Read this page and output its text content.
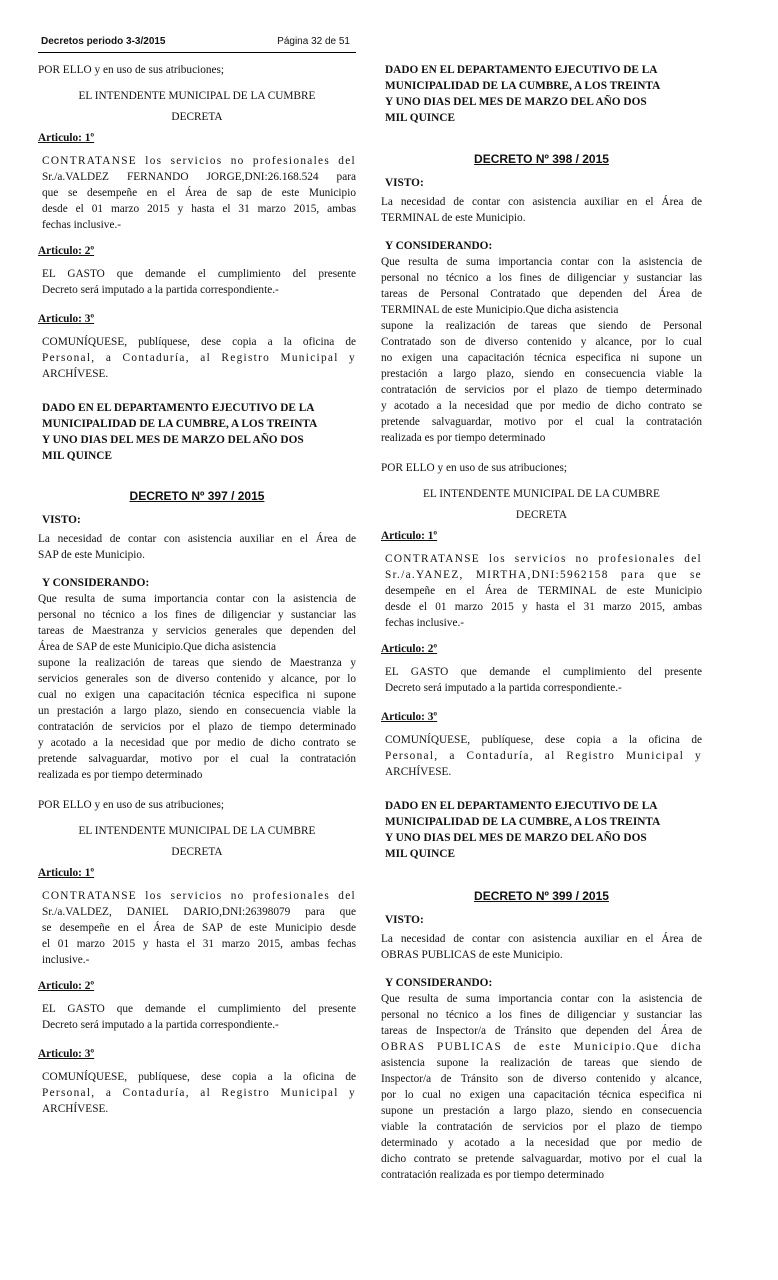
Decretos periodo 3-3/2015	Página 32 de 51
POR ELLO y en uso de sus atribuciones;
EL INTENDENTE MUNICIPAL DE LA CUMBRE
DECRETA
Articulo: 1º
CONTRATANSE los servicios no profesionales del
Sr./a.VALDEZ FERNANDO JORGE,DNI:26.168.524 para
que se desempeñe en el Área de sap de este Municipio
desde el 01 marzo 2015 y hasta el 31 marzo 2015, ambas
fechas inclusive.-
Articulo: 2º
EL GASTO que demande el cumplimiento del presente
Decreto será imputado a la partida correspondiente.-
Articulo: 3º
COMUNÍQUESE, publíquese, dese copia a la oficina de
Personal, a Contaduría, al Registro Municipal y
ARCHÍVESE.
DADO EN EL DEPARTAMENTO EJECUTIVO DE LA
MUNICIPALIDAD DE LA CUMBRE, A LOS TREINTA
Y UNO DIAS DEL MES DE MARZO DEL AÑO DOS
MIL QUINCE
DECRETO Nº 397 / 2015
VISTO:
La necesidad de contar con asistencia auxiliar en el Área de
SAP de este Municipio.
Y CONSIDERANDO:
Que resulta de suma importancia contar con la asistencia de
personal no técnico a los fines de diligenciar y sustanciar las
tareas de Maestranza y servicios generales que dependen del
Área de SAP de este Municipio.Que dicha asistencia
supone la realización de tareas que siendo de Maestranza y
servicios generales son de diverso contenido y alcance, por lo
cual no exigen una capacitación técnica especifica ni supone
un prestación a largo plazo, siendo en consecuencia viable la
contratación de servicios por el plazo de tiempo determinado
y acotado a la necesidad que por medio de dicho contrato se
pretende salvaguardar, motivo por el cual la contratación
realizada es por tiempo determinado
POR ELLO y en uso de sus atribuciones;
EL INTENDENTE MUNICIPAL DE LA CUMBRE
DECRETA
Articulo: 1º
CONTRATANSE los servicios no profesionales del
Sr./a.VALDEZ, DANIEL DARIO,DNI:26398079 para que
se desempeñe en el Área de SAP de este Municipio desde
el 01 marzo 2015 y hasta el 31 marzo 2015, ambas fechas
inclusive.-
Articulo: 2º
EL GASTO que demande el cumplimiento del presente
Decreto será imputado a la partida correspondiente.-
Articulo: 3º
COMUNÍQUESE, publíquese, dese copia a la oficina de
Personal, a Contaduría, al Registro Municipal y
ARCHÍVESE.
DADO EN EL DEPARTAMENTO EJECUTIVO DE LA
MUNICIPALIDAD DE LA CUMBRE, A LOS TREINTA
Y UNO DIAS DEL MES DE MARZO DEL AÑO DOS
MIL QUINCE
DECRETO Nº 398 / 2015
VISTO:
La necesidad de contar con asistencia auxiliar en el Área de
TERMINAL de este Municipio.
Y CONSIDERANDO:
Que resulta de suma importancia contar con la asistencia de
personal no técnico a los fines de diligenciar y sustanciar las
tareas de Personal Contratado que dependen del Área de
TERMINAL de este Municipio.Que dicha asistencia
supone la realización de tareas que siendo de Personal
Contratado son de diverso contenido y alcance, por lo cual
no exigen una capacitación técnica especifica ni supone un
prestación a largo plazo, siendo en consecuencia viable la
contratación de servicios por el plazo de tiempo determinado
y acotado a la necesidad que por medio de dicho contrato se
pretende salvaguardar, motivo por el cual la contratación
realizada es por tiempo determinado
POR ELLO y en uso de sus atribuciones;
EL INTENDENTE MUNICIPAL DE LA CUMBRE
DECRETA
Articulo: 1º
CONTRATANSE los servicios no profesionales del
Sr./a.YANEZ, MIRTHA,DNI:5962158 para que se
desempeñe en el Área de TERMINAL de este Municipio
desde el 01 marzo 2015 y hasta el 31 marzo 2015, ambas
fechas inclusive.-
Articulo: 2º
EL GASTO que demande el cumplimiento del presente
Decreto será imputado a la partida correspondiente.-
Articulo: 3º
COMUNÍQUESE, publíquese, dese copia a la oficina de
Personal, a Contaduría, al Registro Municipal y
ARCHÍVESE.
DADO EN EL DEPARTAMENTO EJECUTIVO DE LA
MUNICIPALIDAD DE LA CUMBRE, A LOS TREINTA
Y UNO DIAS DEL MES DE MARZO DEL AÑO DOS
MIL QUINCE
DECRETO Nº 399 / 2015
VISTO:
La necesidad de contar con asistencia auxiliar en el Área de
OBRAS PUBLICAS de este Municipio.
Y CONSIDERANDO:
Que resulta de suma importancia contar con la asistencia de
personal no técnico a los fines de diligenciar y sustanciar las
tareas de Inspector/a de Tránsito que dependen del Área de
OBRAS PUBLICAS de este Municipio.Que dicha
asistencia supone la realización de tareas que siendo de
Inspector/a de Tránsito son de diverso contenido y alcance,
por lo cual no exigen una capacitación técnica especifica ni
supone un prestación a largo plazo, siendo en consecuencia
viable la contratación de servicios por el plazo de tiempo
determinado y acotado a la necesidad que por medio de
dicho contrato se pretende salvaguardar, motivo por el cual la
contratación realizada es por tiempo determinado
